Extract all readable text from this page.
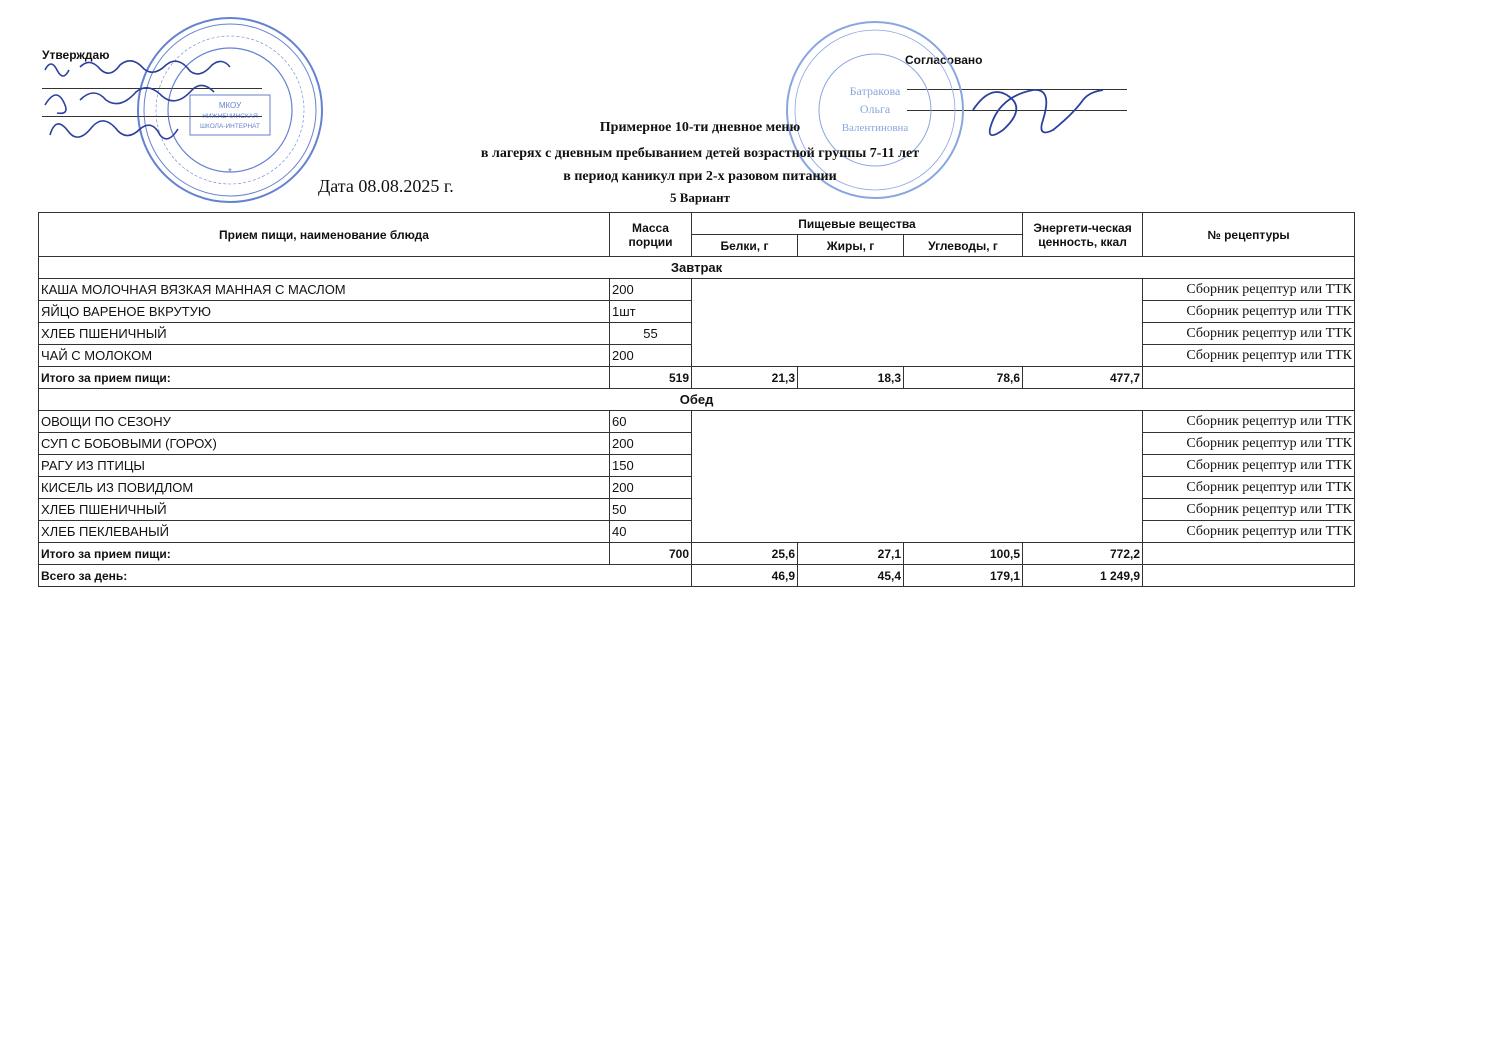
Утверждаю	Согласовано
МКОУ
НИЖНЕЧИНСКАЯ
ШКОЛА-ИНТЕРНАТ
*
Батракова
Ольга
Валентиновна
Примерное 10-ти дневное меню
в лагерях с дневным пребыванием детей возрастной группы 7-11 лет
в период каникул при 2-х разовом питании
Дата 08.08.2025 г.
5 Вариант
Прием пищи, наименование блюда	Масса порции	Пищевые вещества			Энергети-ческая ценность, ккал	№ рецептуры
		Белки, г	Жиры, г	Углеводы, г		
Завтрак						
КАША МОЛОЧНАЯ ВЯЗКАЯ МАННАЯ С МАСЛОМ	200					Сборник рецептур или ТТК
ЯЙЦО ВАРЕНОЕ ВКРУТУЮ	1шт					Сборник рецептур или ТТК
ХЛЕБ ПШЕНИЧНЫЙ	55					Сборник рецептур или ТТК
ЧАЙ С МОЛОКОМ	200					Сборник рецептур или ТТК
Итого за прием пищи:	519	21,3	18,3	78,6	477,7	
Обед						
ОВОЩИ ПО СЕЗОНУ	60					Сборник рецептур или ТТК
СУП С БОБОВЫМИ (ГОРОХ)	200					Сборник рецептур или ТТК
РАГУ ИЗ ПТИЦЫ	150					Сборник рецептур или ТТК
КИСЕЛЬ ИЗ ПОВИДЛОМ	200					Сборник рецептур или ТТК
ХЛЕБ ПШЕНИЧНЫЙ	50					Сборник рецептур или ТТК
ХЛЕБ ПЕКЛЕВАНЫЙ	40					Сборник рецептур или ТТК
Итого за прием пищи:	700	25,6	27,1	100,5	772,2	
Всего за день:		46,9	45,4	179,1	1 249,9	
